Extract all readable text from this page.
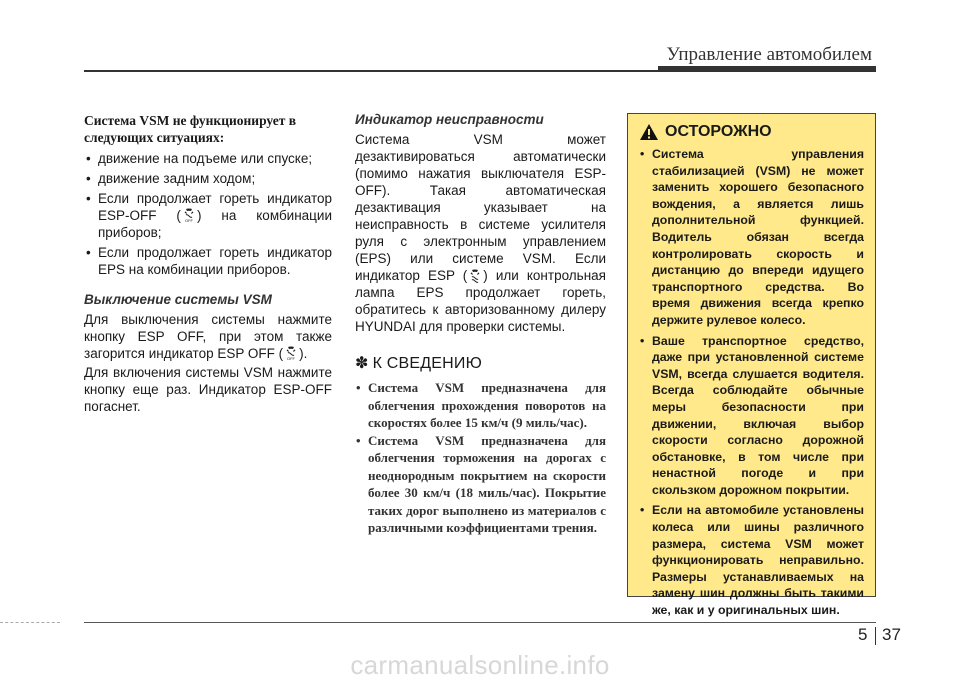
Управление автомобилем
Система VSM не функционирует в
следующих ситуациях:
• движение на подъеме или спуске;
• движение задним ходом;
• Если продолжает гореть индикатор ESP-OFF ( OFF ) на комбинации приборов;
• Если продолжает гореть индикатор EPS на комбинации приборов.
Выключение системы VSM

Для выключения системы нажмите кнопку ESP OFF, при этом также загорится индикатор ESP OFF ( OFF ).

Для включения системы VSM нажмите кнопку еще раз. Индикатор ESP-OFF погаснет.

Индикатор неисправности

Система VSM может дезактивироваться автоматически (помимо нажатия выключателя ESP-OFF). Такая автоматическая дезактивация указывает на неисправность в системе усилителя руля с электронным управлением (EPS) или системе VSM. Если индикатор ESP ( ) или контрольная лампа EPS продолжает гореть, обратитесь к авторизованному дилеру HYUNDAI для проверки системы.

✽ К СВЕДЕНИЮ
• Система VSM предназначена для облегчения прохождения поворотов на скоростях более 15 км/ч (9 миль/час).
• Система VSM предназначена для облегчения торможения на дорогах с неоднородным покрытием на скорости более 30 км/ч (18 миль/час). Покрытие таких дорог выполнено из материалов с различными коэффициентами трения.
ОСТОРОЖНО
• Система управления стабилизацией (VSM) не может заменить хорошего безопасного вождения, а является лишь дополнительной функцией. Водитель обязан всегда контролировать скорость и дистанцию до впереди идущего транспортного средства. Во время движения всегда крепко держите рулевое колесо.
• Ваше транспортное средство, даже при установленной системе VSM, всегда слушается водителя. Всегда соблюдайте обычные меры безопасности при движении, включая выбор скорости согласно дорожной обстановке, в том числе при ненастной погоде и при скользком дорожном покрытии.
• Если на автомобиле установлены колеса или шины различного размера, система VSM может функционировать неправильно. Размеры устанавливаемых на замену шин должны быть такими же, как и у оригинальных шин.
5 37
carmanualsonline.info
